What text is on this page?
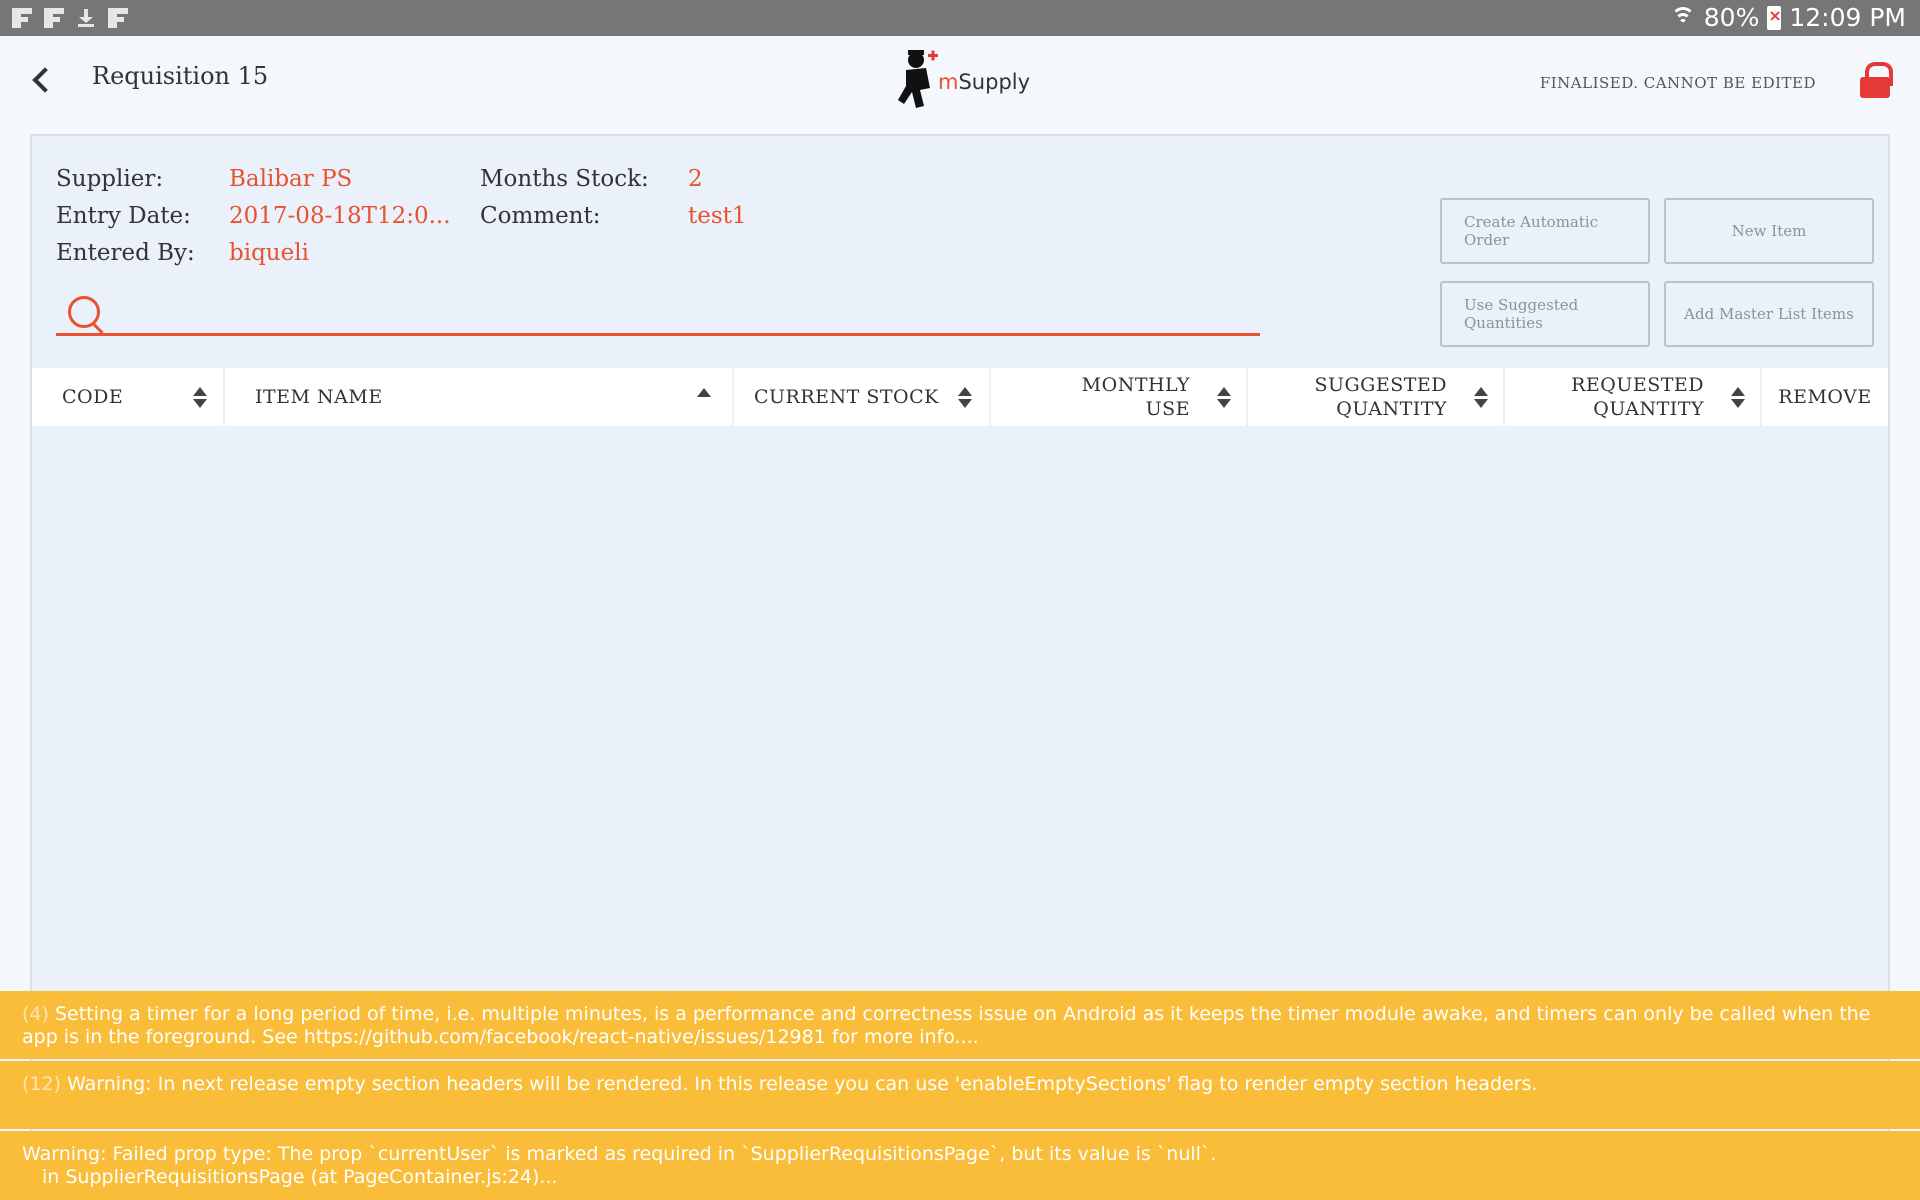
80%
× 12:09 PM
Requisition 15	mSupply	FINALISED. CANNOT BE EDITED
Supplier:	Balibar PS
Entry Date:	2017-08-18T12:0...
Entered By:	biqueli
Months Stock:	2
Comment:	test1	Create Automatic Order	New Item
Use Suggested Quantities	Add Master List Items
CODE	ITEM NAME	CURRENT STOCK
MONTHLY USE
SUGGESTED QUANTITY
REQUESTED QUANTITY
REMOVE
(4) Setting a timer for a long period of time, i.e. multiple minutes, is a performance and correctness issue on Android as it keeps the timer module awake, and timers can only be called when the app is in the foreground. See https://github.com/facebook/react-native/issues/12981 for more info....
(12) Warning: In next release empty section headers will be rendered. In this release you can use 'enableEmptySections' flag to render empty section headers.
Warning: Failed prop type: The prop `currentUser` is marked as required in `SupplierRequisitionsPage`, but its value is `null`.
in SupplierRequisitionsPage (at PageContainer.js:24)...
